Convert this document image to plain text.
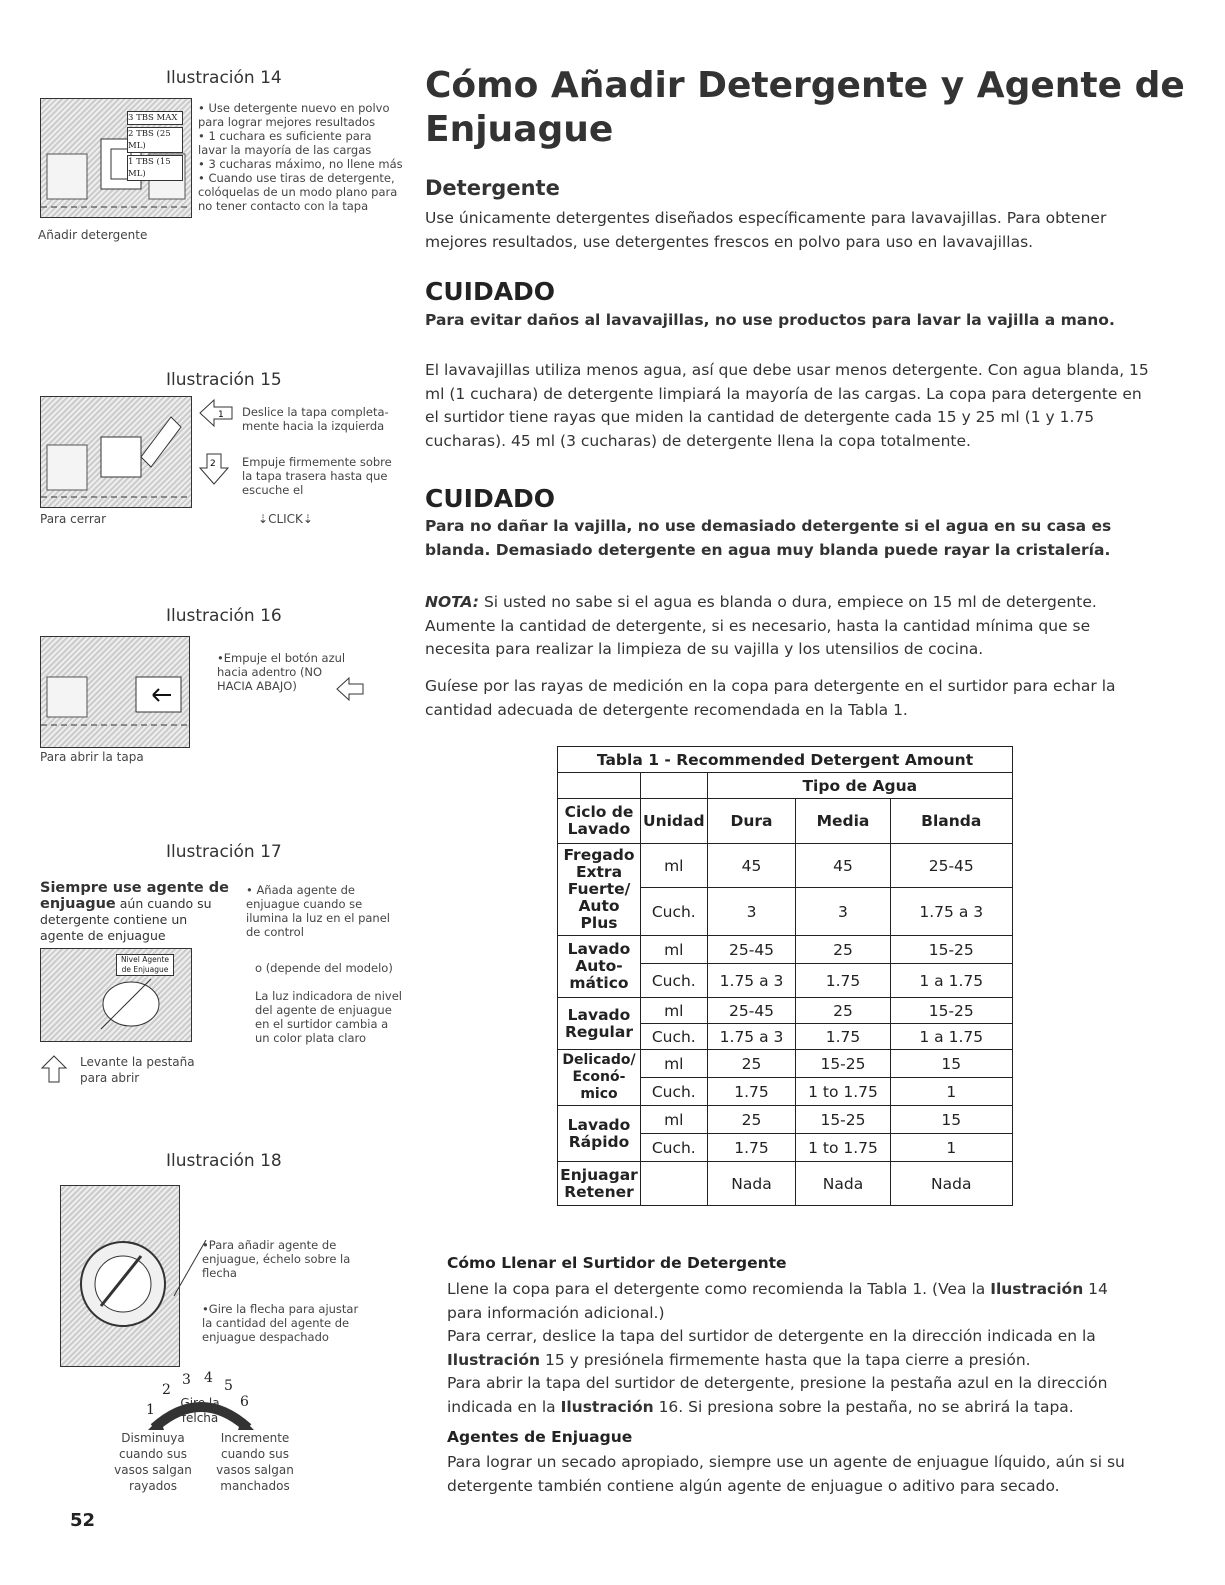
Ilustración 14
3 TBS MAX
2 TBS (25 ML)
1 TBS (15 ML)
• Use detergente nuevo en polvo para lograr mejores resultados
• 1 cuchara es suficiente para lavar la mayoría de las cargas
• 3 cucharas máximo, no llene más
• Cuando use tiras de detergente, colóquelas de un modo plano para no tener contacto con la tapa
Añadir detergente
Ilustración 15
1 Deslice la tapa completa- mente hacia la izquierda
2 Empuje firmemente sobre la tapa trasera hasta que escuche el
⇣CLICK⇣
Para cerrar
Ilustración 16
•Empuje el botón azul hacia adentro (NO HACIA ABAJO)
Para abrir la tapa
Ilustración 17
Siempre use agente de enjuague aún cuando su detergente contiene un agente de enjuague
Nivel Agente de Enjuague
Levante la pestaña para abrir
• Añada agente de enjuague cuando se ilumina la luz en el panel de control
o (depende del modelo)
La luz indicadora de nivel del agente de enjuague en el surtidor cambia a un color plata claro
Ilustración 18
•Para añadir agente de enjuague, échelo sobre la flecha
•Gire la flecha para ajustar la cantidad del agente de enjuague despachado
1
2
3 4 5
6
Gire la felcha
Disminuya cuando sus vasos salgan rayados
Incremente cuando sus vasos salgan manchados
52
Cómo Añadir Detergente y Agente de
Enjuague
Detergente
Use únicamente detergentes diseñados específicamente para lavavajillas. Para obtener mejores resultados, use detergentes frescos en polvo para uso en lavavajillas.
CUIDADO
Para evitar daños al lavavajillas, no use productos para lavar la vajilla a mano.
El lavavajillas utiliza menos agua, así que debe usar menos detergente. Con agua blanda, 15 ml (1 cuchara) de detergente limpiará la mayoría de las cargas. La copa para detergente en el surtidor tiene rayas que miden la cantidad de detergente cada 15 y 25 ml (1 y 1.75 cucharas). 45 ml (3 cucharas) de detergente llena la copa totalmente.
CUIDADO
Para no dañar la vajilla, no use demasiado detergente si el agua en su casa es blanda. Demasiado detergente en agua muy blanda puede rayar la cristalería.
NOTA: Si usted no sabe si el agua es blanda o dura, empiece on 15 ml de detergente. Aumente la cantidad de detergente, si es necesario, hasta la cantidad mínima que se necesita para realizar la limpieza de su vajilla y los utensilios de cocina.
Guíese por las rayas de medición en la copa para detergente en el surtidor para echar la cantidad adecuada de detergente recomendada en la Tabla 1.
Tabla 1 - Recommended Detergent Amount				
		Tipo de Agua		
Ciclo de Lavado	Unidad	Dura	Media	Blanda
Fregado Extra Fuerte/ Auto Plus	ml	45	45	25-45
	Cuch.	3	3	1.75 a 3
Lavado Auto- mático	ml	25-45	25	15-25
	Cuch.	1.75 a 3	1.75	1 a 1.75
Lavado Regular	ml	25-45	25	15-25
	Cuch.	1.75 a 3	1.75	1 a 1.75
Delicado/ Econó- mico	ml	25	15-25	15
	Cuch.	1.75	1 to 1.75	1
Lavado Rápido	ml	25	15-25	15
	Cuch.	1.75	1 to 1.75	1
Enjuagar Retener		Nada	Nada	Nada
Cómo Llenar el Surtidor de Detergente
Llene la copa para el detergente como recomienda la Tabla 1. (Vea la Ilustración 14 para información adicional.)
Para cerrar, deslice la tapa del surtidor de detergente en la dirección indicada en la Ilustración 15 y presiónela firmemente hasta que la tapa cierre a presión.
Para abrir la tapa del surtidor de detergente, presione la pestaña azul en la dirección indicada en la Ilustración 16. Si presiona sobre la pestaña, no se abrirá la tapa.
Agentes de Enjuague
Para lograr un secado apropiado, siempre use un agente de enjuague líquido, aún si su detergente también contiene algún agente de enjuague o aditivo para secado.
